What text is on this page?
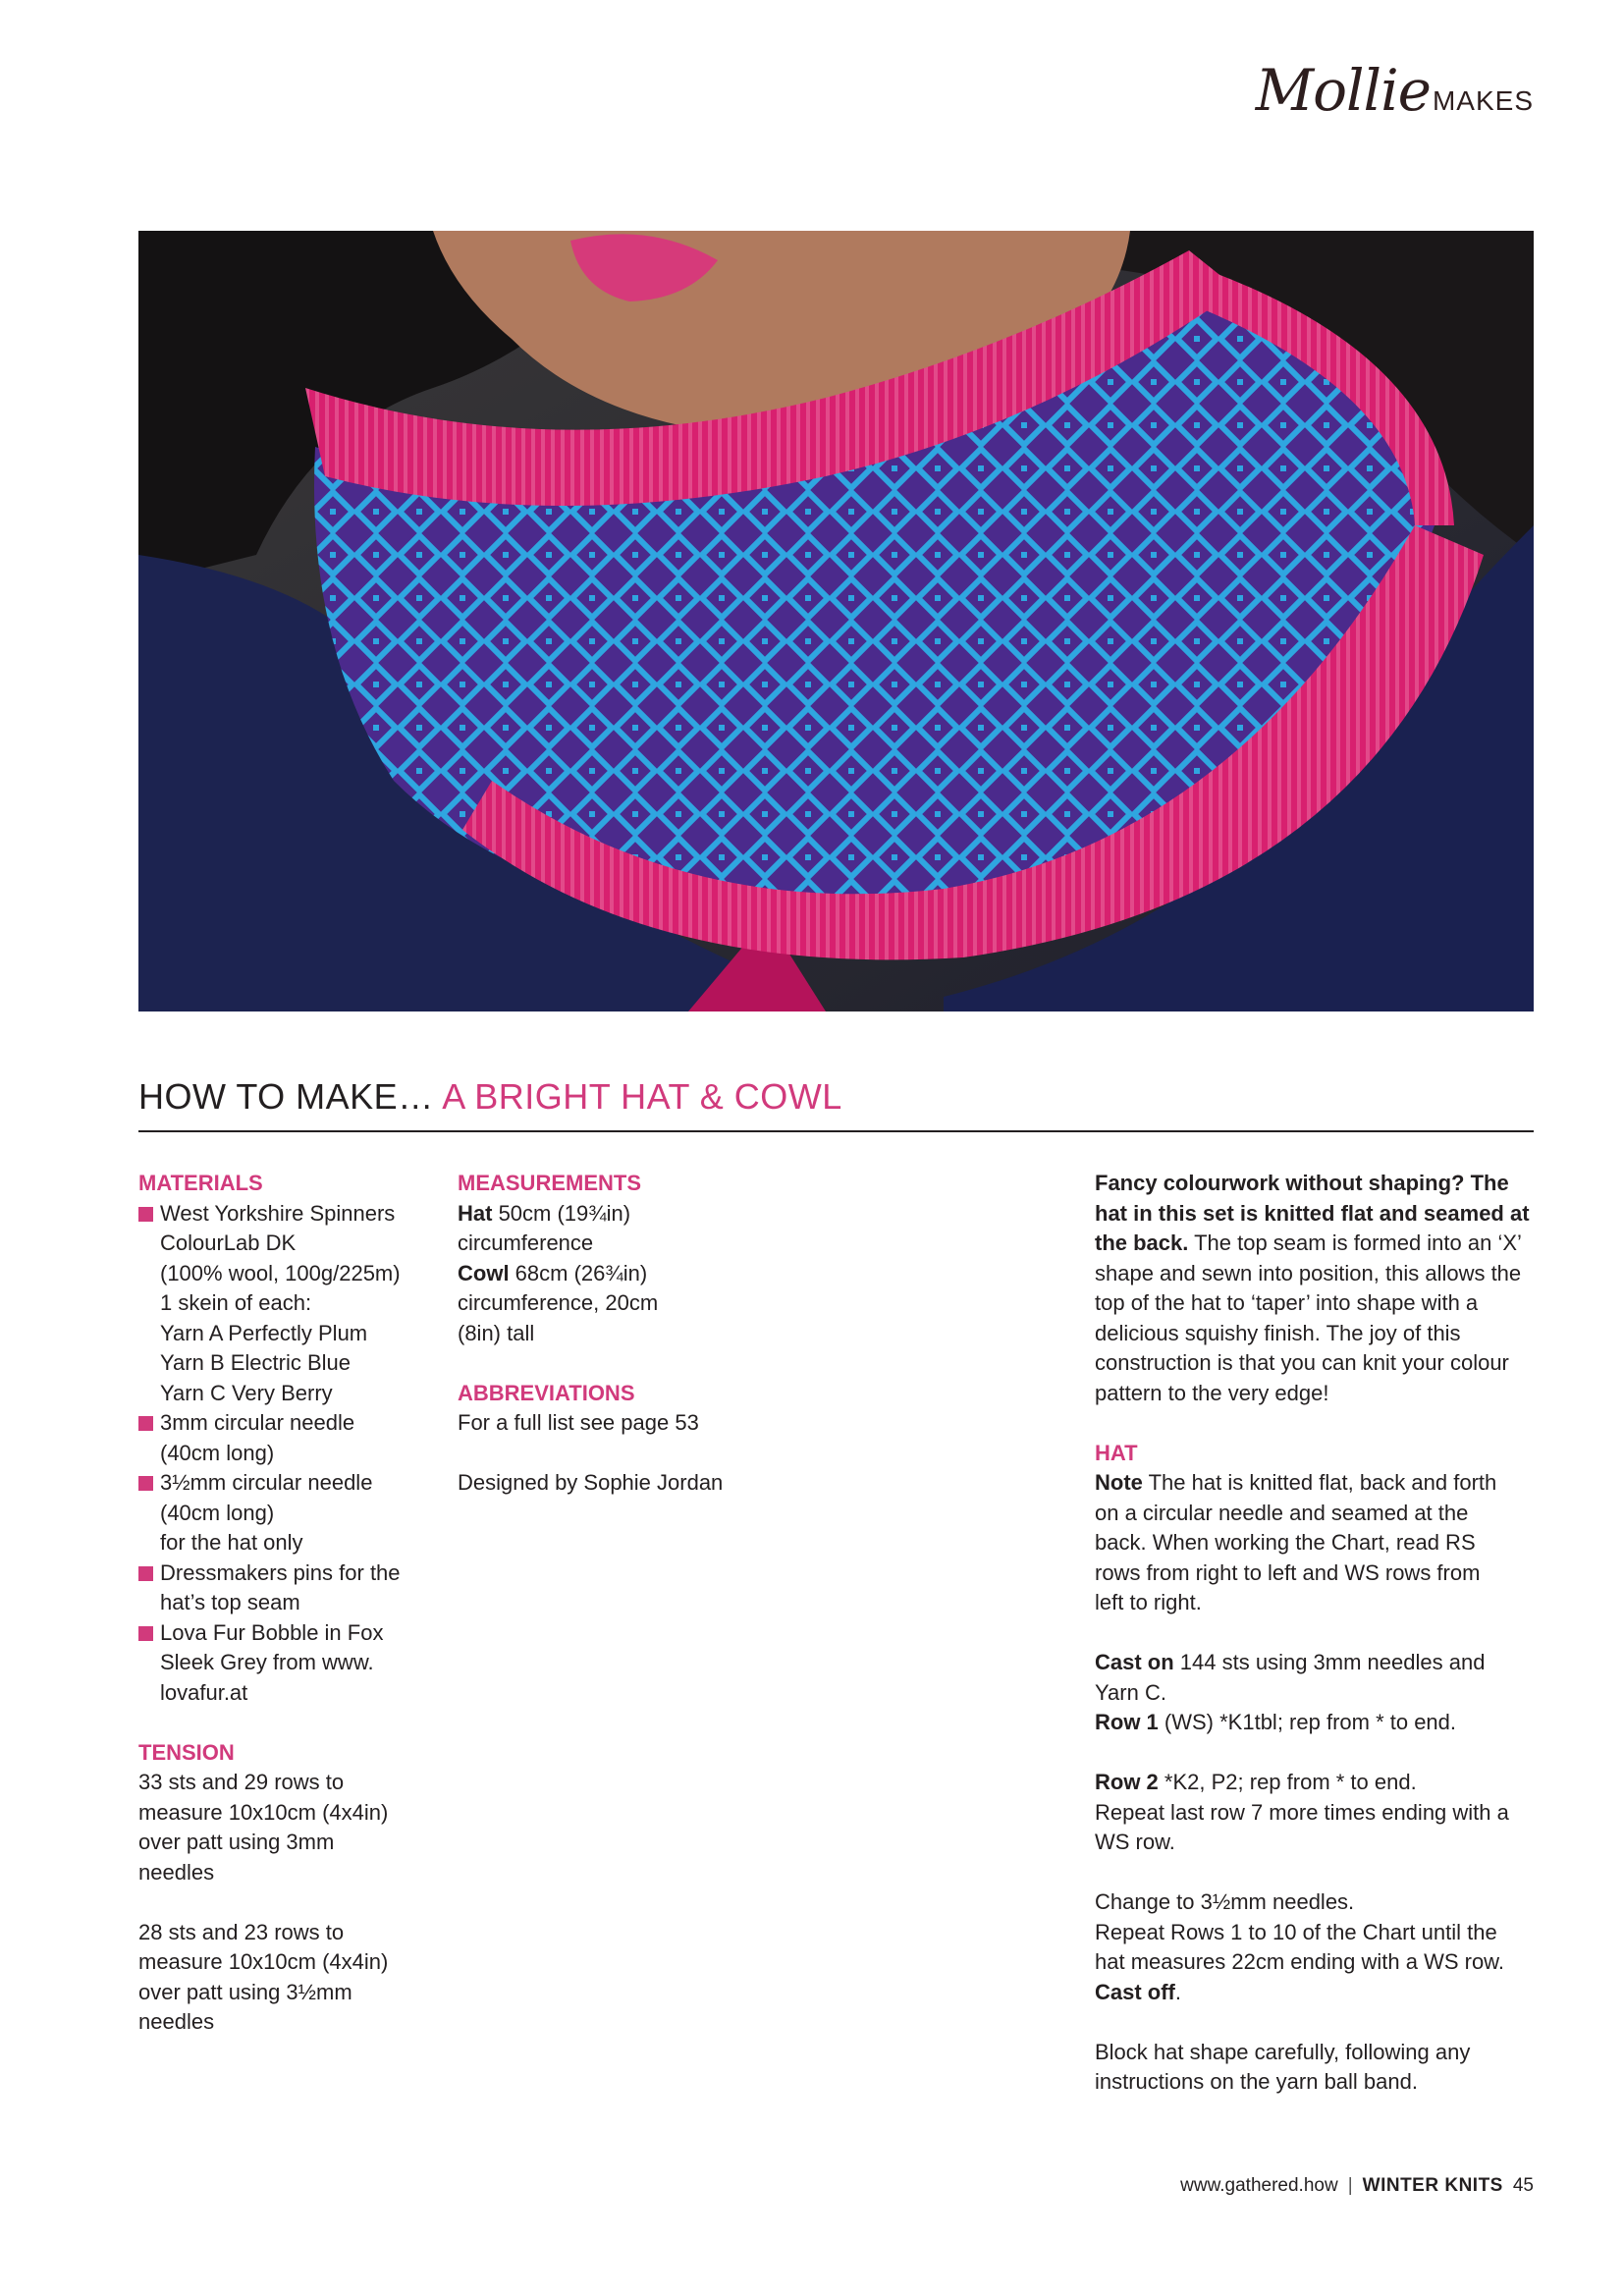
Mollie MAKES
HOW TO MAKE… A BRIGHT HAT & COWL
MATERIALS
West Yorkshire Spinners
ColourLab DK
(100% wool, 100g/225m)
1 skein of each:
Yarn A Perfectly Plum
Yarn B Electric Blue
Yarn C Very Berry
3mm circular needle
(40cm long)
3½mm circular needle
(40cm long)
for the hat only
Dressmakers pins for the
hat’s top seam
Lova Fur Bobble in Fox
Sleek Grey from www.
lovafur.at
TENSION
33 sts and 29 rows to
measure 10x10cm (4x4in)
over patt using 3mm
needles
28 sts and 23 rows to
measure 10x10cm (4x4in)
over patt using 3½mm
needles
MEASUREMENTS
Hat 50cm (19¾in)
circumference
Cowl 68cm (26¾in)
circumference, 20cm
(8in) tall
ABBREVIATIONS
For a full list see page 53
Designed by Sophie Jordan
Fancy colourwork without shaping? The
hat in this set is knitted flat and seamed at
the back. The top seam is formed into an ‘X’
shape and sewn into position, this allows the
top of the hat to ‘taper’ into shape with a
delicious squishy finish. The joy of this
construction is that you can knit your colour
pattern to the very edge!
HAT
Note The hat is knitted flat, back and forth
on a circular needle and seamed at the
back. When working the Chart, read RS
rows from right to left and WS rows from
left to right.
Cast on 144 sts using 3mm needles and
Yarn C.
Row 1 (WS) *K1tbl; rep from * to end.
Row 2 *K2, P2; rep from * to end.
Repeat last row 7 more times ending with a
WS row.
Change to 3½mm needles.
Repeat Rows 1 to 10 of the Chart until the
hat measures 22cm ending with a WS row.
Cast off.
Block hat shape carefully, following any
instructions on the yarn ball band.
www.gathered.how | WINTER KNITS 45
